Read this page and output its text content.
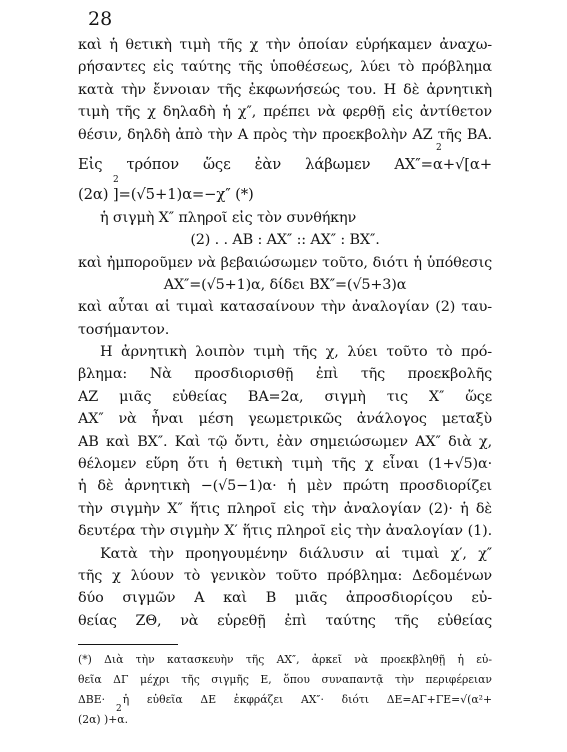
28
καὶ ἡ θετικὴ τιμὴ τῆς χ τὴν ὁποίαν εὑρήκαμεν ἀναχω-
ρήσαντες εἰς ταύτης τῆς ὑποθέσεως, λύει τὸ πρόβλημα
κατὰ τὴν ἔννοιαν τῆς ἐκφωνήσεώς του. Η δὲ ἀρνητικὴ
τιμὴ τῆς χ δηλαδὴ ἡ χ″, πρέπει νὰ φερθῇ εἰς ἀντίθετον
θέσιν, δηλδὴ ἀπὸ τὴν Α πρὸς τὴν προεκβολὴν ΑΖ τῆς ΒΑ.
Εἰς τρόπον ὥςε ἐὰν λάβωμεν ΑΧ″=α+√[α+
(2α) ]=(√5+1)α=−χ″ (*)
ἡ σιγμὴ Χ″ πληροῖ εἰς τὸν συνθήκην
(2) . . ΑΒ : ΑΧ″ :: ΑΧ″ : ΒΧ″.
καὶ ἠμποροῦμεν νὰ βεβαιώσωμεν τοῦτο, διότι ἡ ὑπόθεσις
ΑΧ″=(√5+1)α, δίδει ΒΧ″=(√5+3)α
καὶ αὗται αἱ τιμαὶ κατασαίνουν τὴν ἀναλογίαν (2) ταυ-
τοσήμαντον.
Η ἀρνητικὴ λοιπὸν τιμὴ τῆς χ, λύει τοῦτο τὸ πρό-
βλημα: Νὰ προσδιορισθῇ ἐπὶ τῆς προεκβολῆς
ΑΖ μιᾶς εὐθείας ΒΑ=2α, σιγμὴ τις Χ″ ὥςε
ΑΧ″ νὰ ἦναι μέση γεωμετρικῶς ἀνάλογος μεταξὺ
ΑΒ καὶ ΒΧ″. Καὶ τῷ ὄντι, ἐὰν σημειώσωμεν ΑΧ″ διὰ χ,
θέλομεν εὕρη ὅτι ἡ θετικὴ τιμὴ τῆς χ εἶναι (1+√5)α·
ἡ δὲ ἀρνητικὴ −(√5−1)α· ἡ μὲν πρώτη προσδιορίζει
τὴν σιγμὴν Χ″ ἥτις πληροῖ εἰς τὴν ἀναλογίαν (2)· ἡ δὲ
δευτέρα τὴν σιγμὴν Χ′ ἥτις πληροῖ εἰς τὴν ἀναλογίαν (1).
Κατὰ τὴν προηγουμένην διάλυσιν αἱ τιμαὶ χ′, χ″
τῆς χ λύουν τὸ γενικὸν τοῦτο πρόβλημα: Δεδομένων
δύο σιγμῶν Α καὶ Β μιᾶς ἀπροσδιορίςου εὐ-
θείας ΖΘ, νὰ εὑρεθῇ ἐπὶ ταύτης τῆς εὐθείας
2
2
(*) Διὰ τὴν κατασκευὴν τῆς ΑΧ″, ἀρκεῖ νὰ προεκβληθῇ ἡ εὐ-
θεῖα ΔΓ μέχρι τῆς σιγμῆς Ε, ὅπου συναπαντᾷ τὴν περιφέρειαν
ΔΒΕ· ἡ εὐθεῖα ΔΕ ἐκφράζει ΑΧ″· διότι ΔΕ=ΑΓ+ΓΕ=√(α²+
(2α) )+α.
2
